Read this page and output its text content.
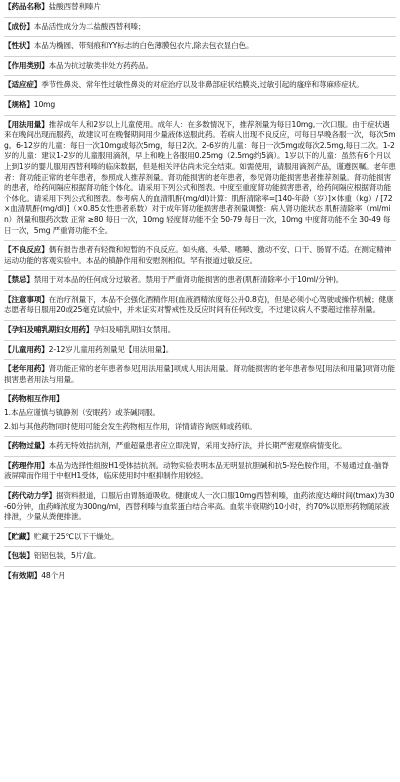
【药品名称】盐酸西替利嗪片
【成份】本品活性成分为二盐酸西替利嗪；
【性状】本品为椭圆、带刻痕和YY标志的白色薄膜包衣片,除去包衣显白色。
【作用类别】本品为抗过敏类非处方药药品。
【适应症】季节性鼻炎、常年性过敏性鼻炎的对症治疗以及非鼻部症状结膜炎,过敏引起的瘙痒和荨麻疹症状。
【规格】10mg
【用法用量】推荐成年人和2岁以上儿童使用。成年人：在多数情况下，推荐剂量为每日10mg,一次口服。由于症状遇来在晚间出现而服药，故建议可在晚餐期间用少量液体送服此药。若病人出现不良反应，可每日早晚各服一次，每次5mg。6-12岁的儿童：每日一次10mg或每次5mg，每日2次。2-6岁的儿童：每日一次5mg或每次2.5mg,每日二次。1-2岁的儿童：建议1-2岁的儿童服用滴剂，早上和晚上各服用0.25mg（2.5mg约5滴）。1岁以下的儿童：虽然有6个月以上到1岁的婴儿服用西替利嗪的临床数据，但是相关评估尚未完全结束。如需使用，请服用滴剂产品，谨遵医嘱。老年患者：肾功能正常的老年患者，参照成人推荐剂量。肾功能损害的老年患者，参见肾功能损害患者推荐剂量。肾功能损害的患者，给药间隔应根据肾功能个体化。请采用下列公式和图表。中度至重度肾功能损害患者，给药间隔应根据肾功能个体化。请采用下列公式和图表。参考病人的血清肌酐(mg/dl)计算：肌酐清除率=[140-年龄（岁）]×体重（kg）/ [72×血清肌酐(mg/dl)]（×0.85女性患者系数）对于成年肾功能损害患者剂量调整：病人肾功能状态 肌酐清除率（ml/min）剂量和服药次数 正常 ≥80 每日一次，10mg 轻度肾功能不全 50-79 每日一次，10mg 中度肾功能不全 30-49 每日一次，5mg 严重肾功能不全。
【不良反应】偶有报告患者有轻微和短暂的不良反应。如头痛、头晕、嗜睡、激动不安、口干、肠胃不适。在测定精神运动功能的客观实验中。本品的镇静作用和安慰剂相似。罕有报道过敏反应。
【禁忌】禁用于对本品的任何成分过敏者。禁用于严重肾功能损害的患者(肌酐清除率小于10ml/分钟)。
【注意事项】在治疗剂量下，本品不会强化酒精作用(血液酒精浓度每公升0.8克)，但是必须小心驾驶或操作机械；健康志愿者每日服用20或25毫克试验中，并未证实对警戒性及反应时间有任何改变，不过建议病人不要超过推荐剂量。
【孕妇及哺乳期妇女用药】孕妇及哺乳期妇女禁用。
【儿童用药】2-12岁儿童用药剂量见【用法用量】。
【老年用药】肾功能正常的老年患者参见[用法用量]项成人用法用量。肾功能损害的老年患者参见[用法和用量]项肾功能损害患者用法与用量。
【药物相互作用】
1.本品应谨慎与镇静剂（安眠药）或茶碱同服。
2.如与其他药物同时使用可能会发生药物相互作用，详情请咨询医师或药师。
【药物过量】本药无特效拮抗剂，严重超量患者应立即洗胃，采用支持疗法，并长期严密观察病情变化。
【药理作用】本品为选择性组胺H1受体拮抗剂。动物实验表明本品无明显抗胆碱和抗5-羟色胺作用，不易通过血-脑脊液屏障而作用于中枢H1受体，临床使用时中枢抑制作用较轻。
【药代动力学】据资料报道，口服后由胃肠道吸收。健康成人一次口服10mg西替利嗪，血药浓度达峰时间(tmax)为30-60分钟，血药峰浓度为300ng/ml，西替利嗪与血浆蛋白结合率高。血浆半衰期约10小时，约70%以原形药物随尿液排泄，少量从粪便排泄。
【贮藏】贮藏于25℃以下干燥处。
【包装】铝铝包装，5片/盒。
【有效期】48个月
